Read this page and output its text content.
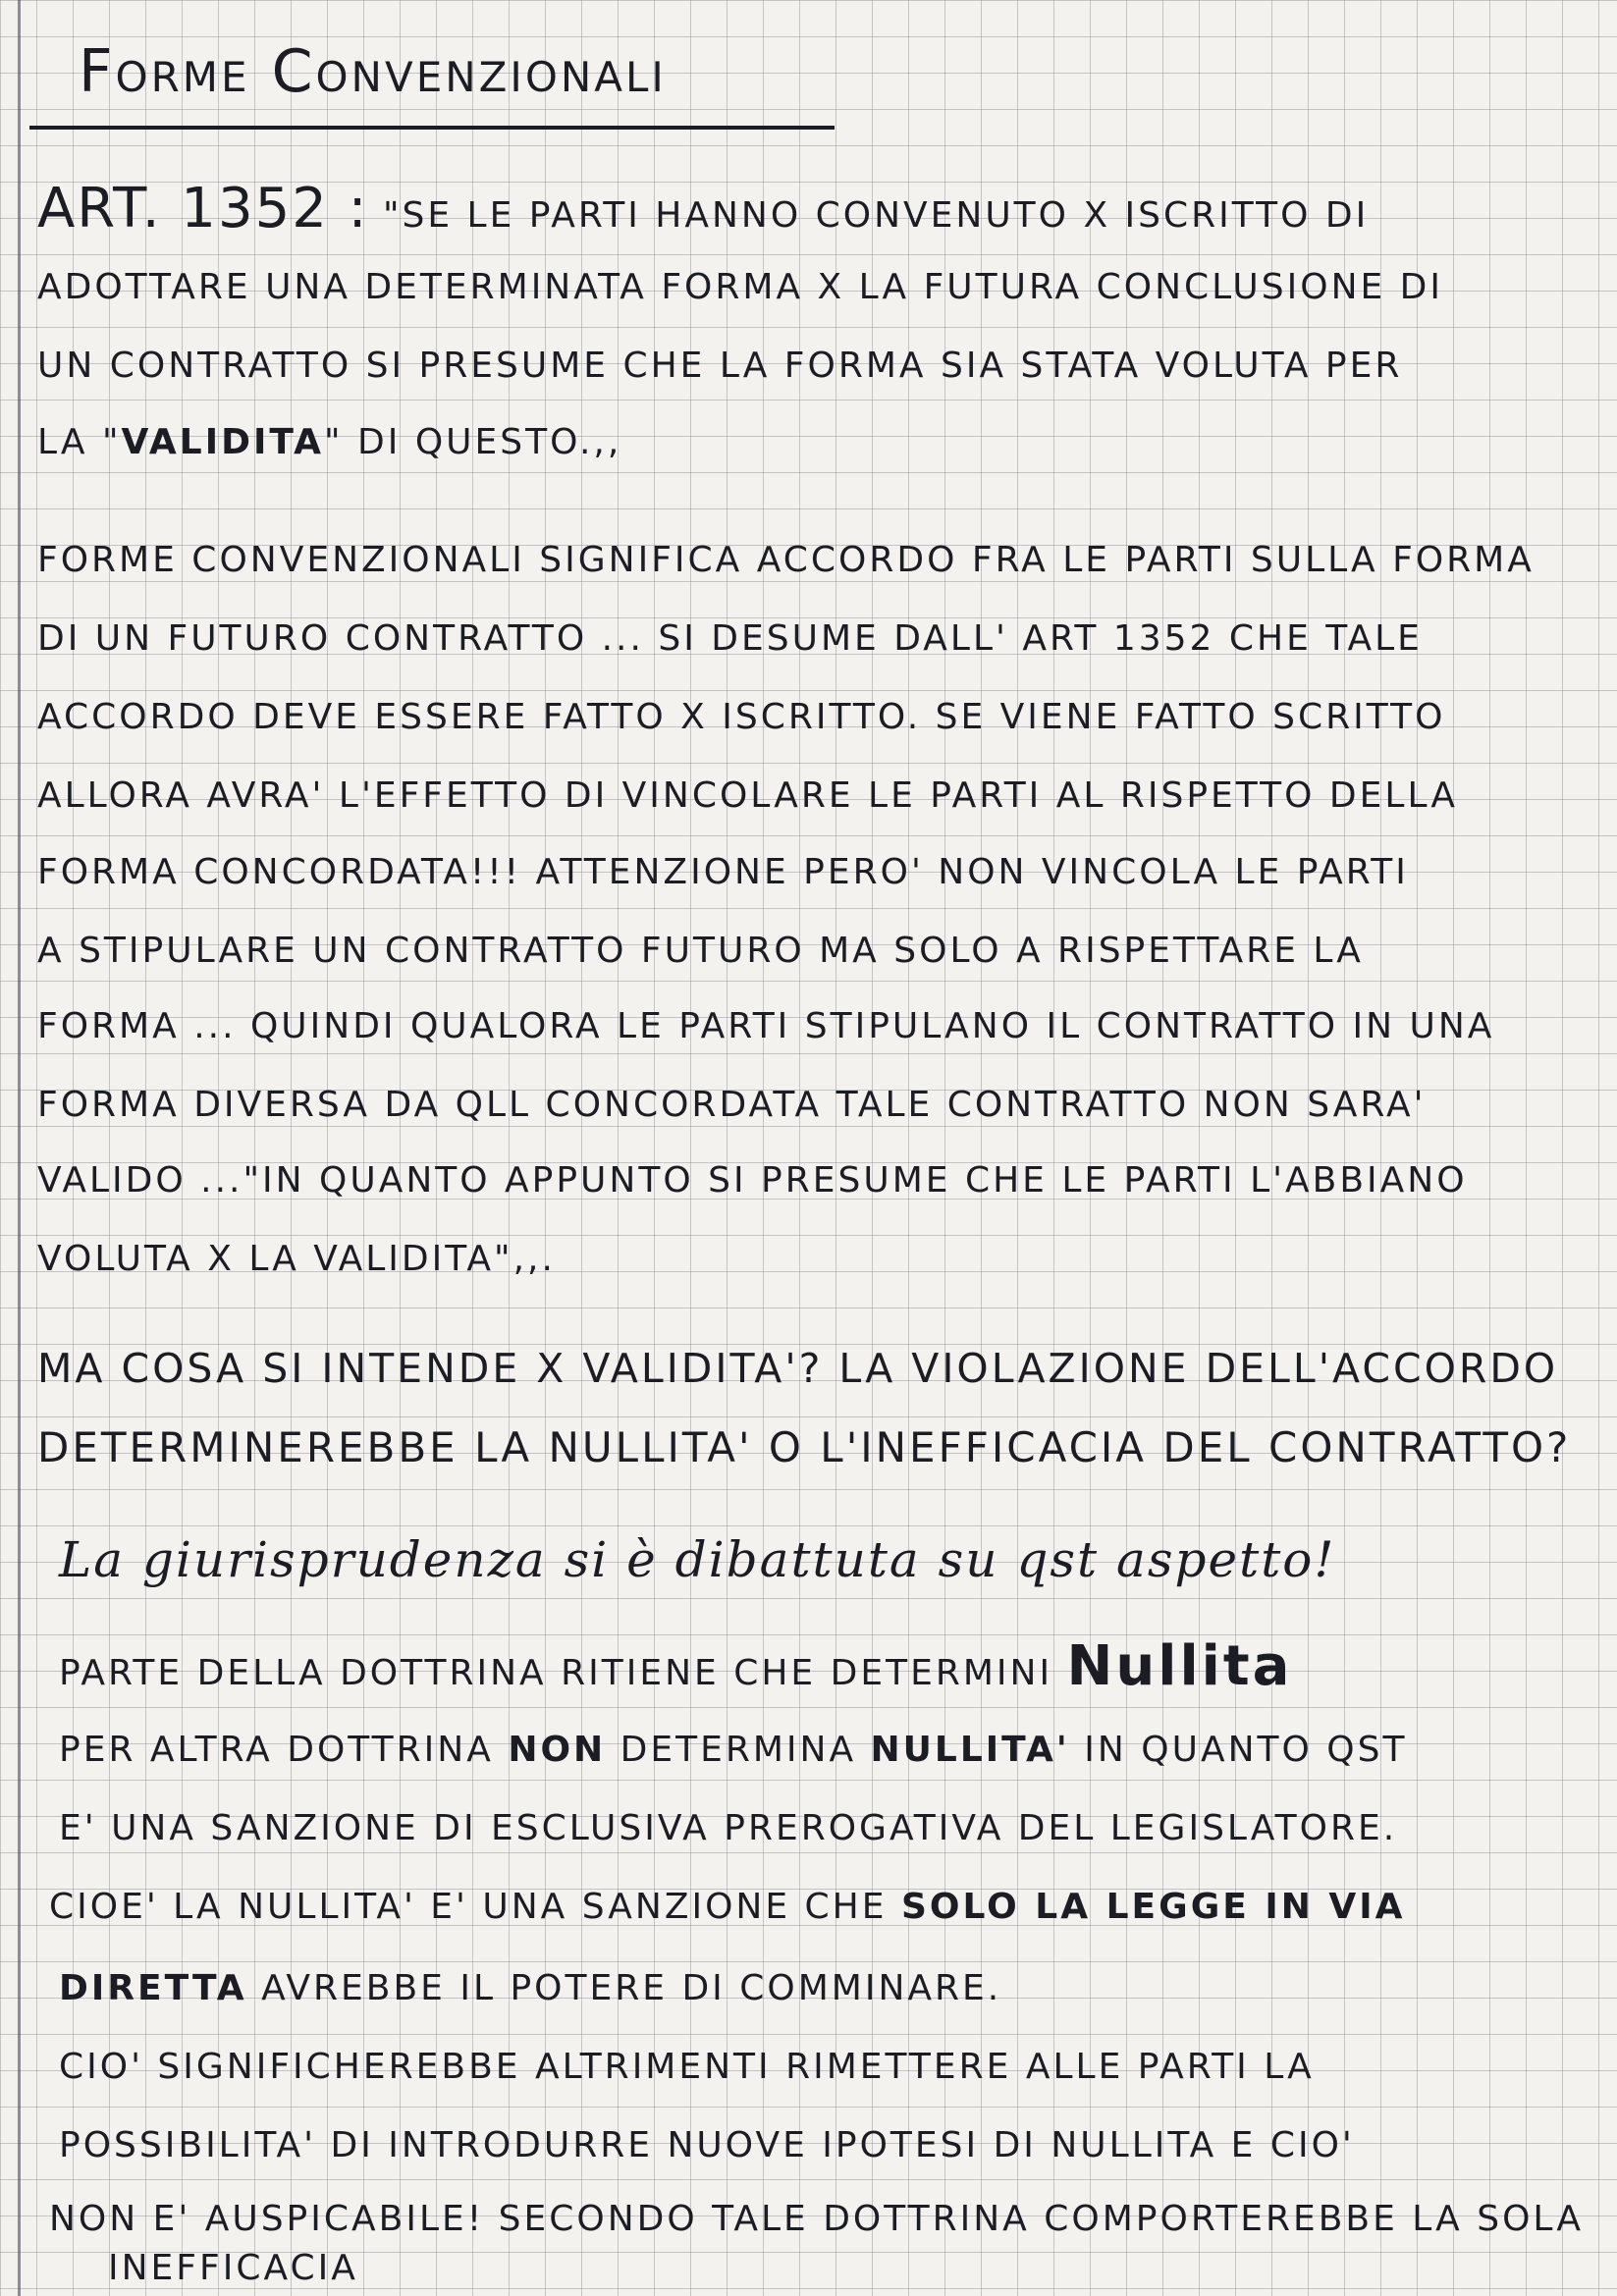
Forme Convenzionali
ART. 1352 : "SE LE PARTI HANNO CONVENUTO X ISCRITTO DI
ADOTTARE UNA DETERMINATA FORMA X LA FUTURA CONCLUSIONE DI
UN CONTRATTO SI PRESUME CHE LA FORMA SIA STATA VOLUTA PER
LA "VALIDITA" DI QUESTO.,,
FORME CONVENZIONALI SIGNIFICA ACCORDO FRA LE PARTI SULLA FORMA
DI UN FUTURO CONTRATTO ... SI DESUME DALL' ART 1352 CHE TALE
ACCORDO DEVE ESSERE FATTO X ISCRITTO. SE VIENE FATTO SCRITTO
ALLORA AVRA' L'EFFETTO DI VINCOLARE LE PARTI AL RISPETTO DELLA
FORMA CONCORDATA!!! ATTENZIONE PERO' NON VINCOLA LE PARTI
A STIPULARE UN CONTRATTO FUTURO MA SOLO A RISPETTARE LA
FORMA ... QUINDI QUALORA LE PARTI STIPULANO IL CONTRATTO IN UNA
FORMA DIVERSA DA QLL CONCORDATA TALE CONTRATTO NON SARA'
VALIDO ..."IN QUANTO APPUNTO SI PRESUME CHE LE PARTI L'ABBIANO
VOLUTA X LA VALIDITA",,.
MA COSA SI INTENDE X VALIDITA'? LA VIOLAZIONE DELL'ACCORDO
DETERMINEREBBE LA NULLITA' O L'INEFFICACIA DEL CONTRATTO?
La giurisprudenza si è dibattuta su qst aspetto!
PARTE DELLA DOTTRINA RITIENE CHE DETERMINI Nullita
PER ALTRA DOTTRINA NON DETERMINA NULLITA' IN QUANTO QST
E' UNA SANZIONE DI ESCLUSIVA PREROGATIVA DEL LEGISLATORE.
CIOE' LA NULLITA' E' UNA SANZIONE CHE SOLO LA LEGGE IN VIA
DIRETTA AVREBBE IL POTERE DI COMMINARE.
CIO' SIGNIFICHEREBBE ALTRIMENTI RIMETTERE ALLE PARTI LA
POSSIBILITA' DI INTRODURRE NUOVE IPOTESI DI NULLITA E CIO'
NON E' AUSPICABILE! SECONDO TALE DOTTRINA COMPORTEREBBE LA SOLA
INEFFICACIA
